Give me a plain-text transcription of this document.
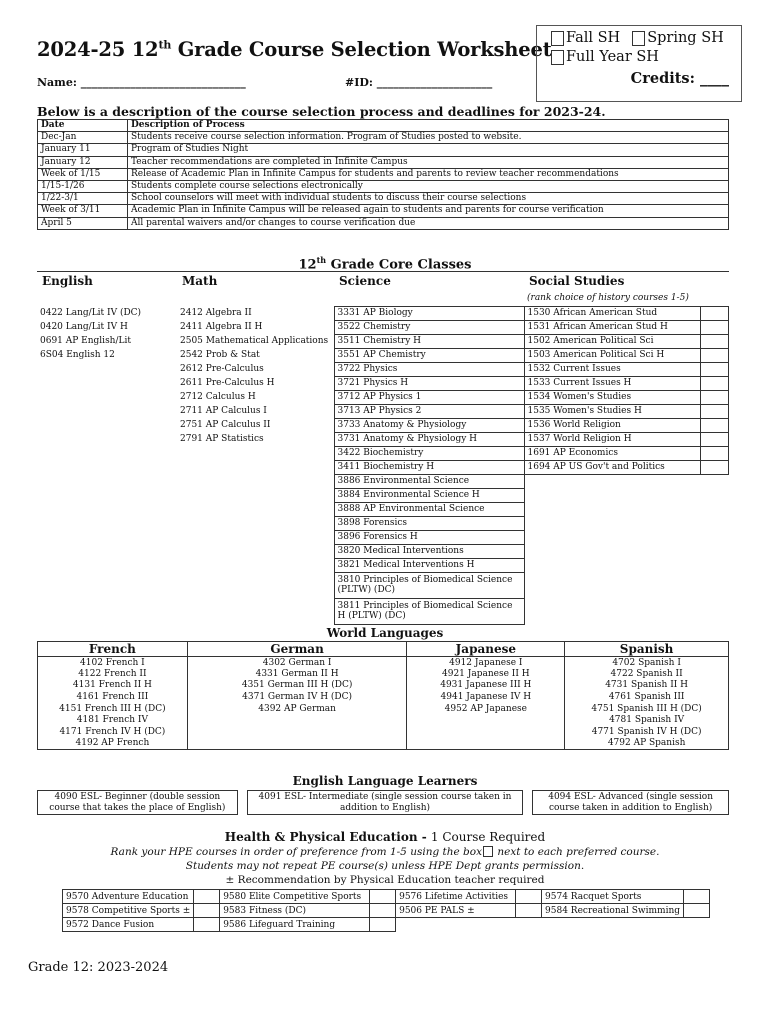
2024-25 12th Grade Course Selection Worksheet
Name: ______________________________	#ID: _____________________
Fall SH Spring SH
Full Year SH
Credits: ____
Below is a description of the course selection process and deadlines for 2023-24.
Date	Description of Process
Dec-Jan	Students receive course selection information. Program of Studies posted to website.
January 11	Program of Studies Night
January 12	Teacher recommendations are completed in Infinite Campus
Week of 1/15	Release of Academic Plan in Infinite Campus for students and parents to review teacher recommendations
1/15-1/26	Students complete course selections electronically
1/22-3/1	School counselors will meet with individual students to discuss their course selections
Week of 3/11	Academic Plan in Infinite Campus will be released again to students and parents for course verification
April 5	All parental waivers and/or changes to course verification due
12th Grade Core Classes
English	Math	Science	Social Studies	
			(rank choice of history courses 1-5)	
0422 Lang/Lit IV (DC)	2412 Algebra II	3331 AP Biology	1530 African American Stud	
0420 Lang/Lit IV H	2411 Algebra II H	3522 Chemistry	1531 African American Stud H	
0691 AP English/Lit	2505 Mathematical Applications	3511 Chemistry H	1502 American Political Sci	
6S04 English 12	2542 Prob & Stat	3551 AP Chemistry	1503 American Political Sci H	
	2612 Pre-Calculus	3722 Physics	1532 Current Issues	
	2611 Pre-Calculus H	3721 Physics H	1533 Current Issues H	
	2712 Calculus H	3712 AP Physics 1	1534 Women's Studies	
	2711 AP Calculus I	3713 AP Physics 2	1535 Women's Studies H	
	2751 AP Calculus II	3733 Anatomy & Physiology	1536 World Religion	
	2791 AP Statistics	3731 Anatomy & Physiology H	1537 World Religion H	
		3422 Biochemistry	1691 AP Economics	
		3411 Biochemistry H	1694 AP US Gov't and Politics	
		3886 Environmental Science		
		3884 Environmental Science H		
		3888 AP Environmental Science		
		3898 Forensics		
		3896 Forensics H		
		3820 Medical Interventions		
		3821 Medical Interventions H		
		3810 Principles of Biomedical Science (PLTW) (DC)		
		3811 Principles of Biomedical Science H (PLTW) (DC)		
World Languages
French	German	Japanese	Spanish
4102 French I	4302 German I	4912 Japanese I	4702 Spanish I
4122 French II	4331 German II H	4921 Japanese II H	4722 Spanish II
4131 French II H	4351 German III H (DC)	4931 Japanese III H	4731 Spanish II H
4161 French III	4371 German IV H (DC)	4941 Japanese IV H	4761 Spanish III
4151 French III H (DC)	4392 AP German	4952 AP Japanese	4751 Spanish III H (DC)
4181 French IV			4781 Spanish IV
4171 French IV H (DC)			4771 Spanish IV H (DC)
4192 AP French			4792 AP Spanish
English Language Learners
4090 ESL- Beginner (double session course that takes the place of English)		4091 ESL- Intermediate (single session course taken in addition to English)		4094 ESL- Advanced (single session course taken in addition to English)
Health & Physical Education - 1 Course Required
Rank your HPE courses in order of preference from 1-5 using the box next to each preferred course.
Students may not repeat PE course(s) unless HPE Dept grants permission.
± Recommendation by Physical Education teacher required
9570 Adventure Education		9580 Elite Competitive Sports		9576 Lifetime Activities		9574 Racquet Sports	
9578 Competitive Sports ±		9583 Fitness (DC)		9506 PE PALS ±		9584 Recreational Swimming	
9572 Dance Fusion		9586 Lifeguard Training					
Grade 12: 2023-2024
